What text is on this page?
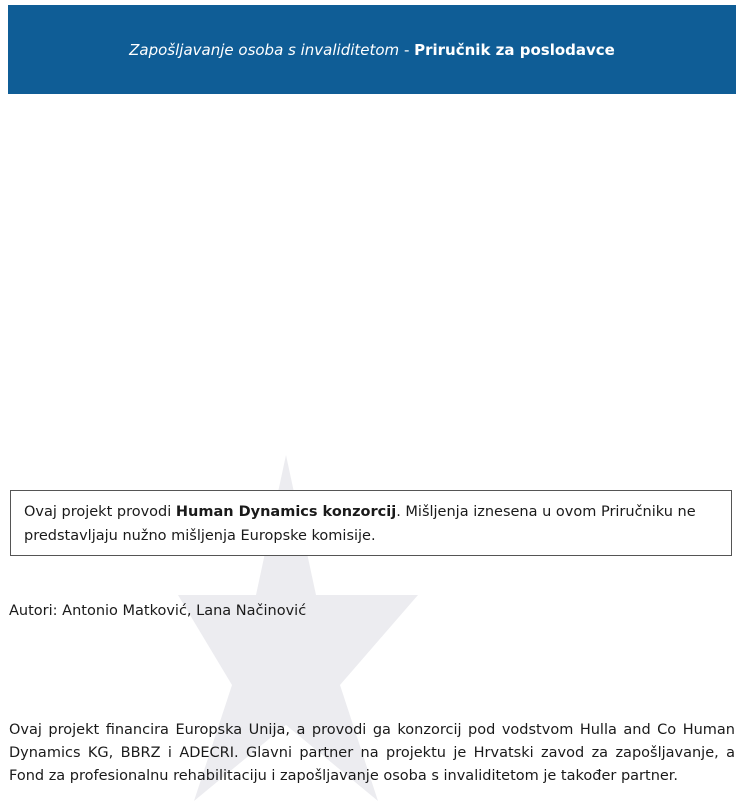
Zapošljavanje osoba s invaliditetom - Priručnik za poslodavce
Ovaj projekt provodi Human Dynamics konzorcij. Mišljenja iznesena u ovom Priručniku ne predstavljaju nužno mišljenja Europske komisije.
Autori: Antonio Matković, Lana Načinović
Ovaj projekt financira Europska Unija, a provodi ga konzorcij pod vodstvom Hulla and Co Human Dynamics KG, BBRZ i ADECRI. Glavni partner na projektu je Hrvatski zavod za zapošljavanje, a Fond za profesionalnu rehabilitaciju i zapošljavanje osoba s invaliditetom je također partner.
